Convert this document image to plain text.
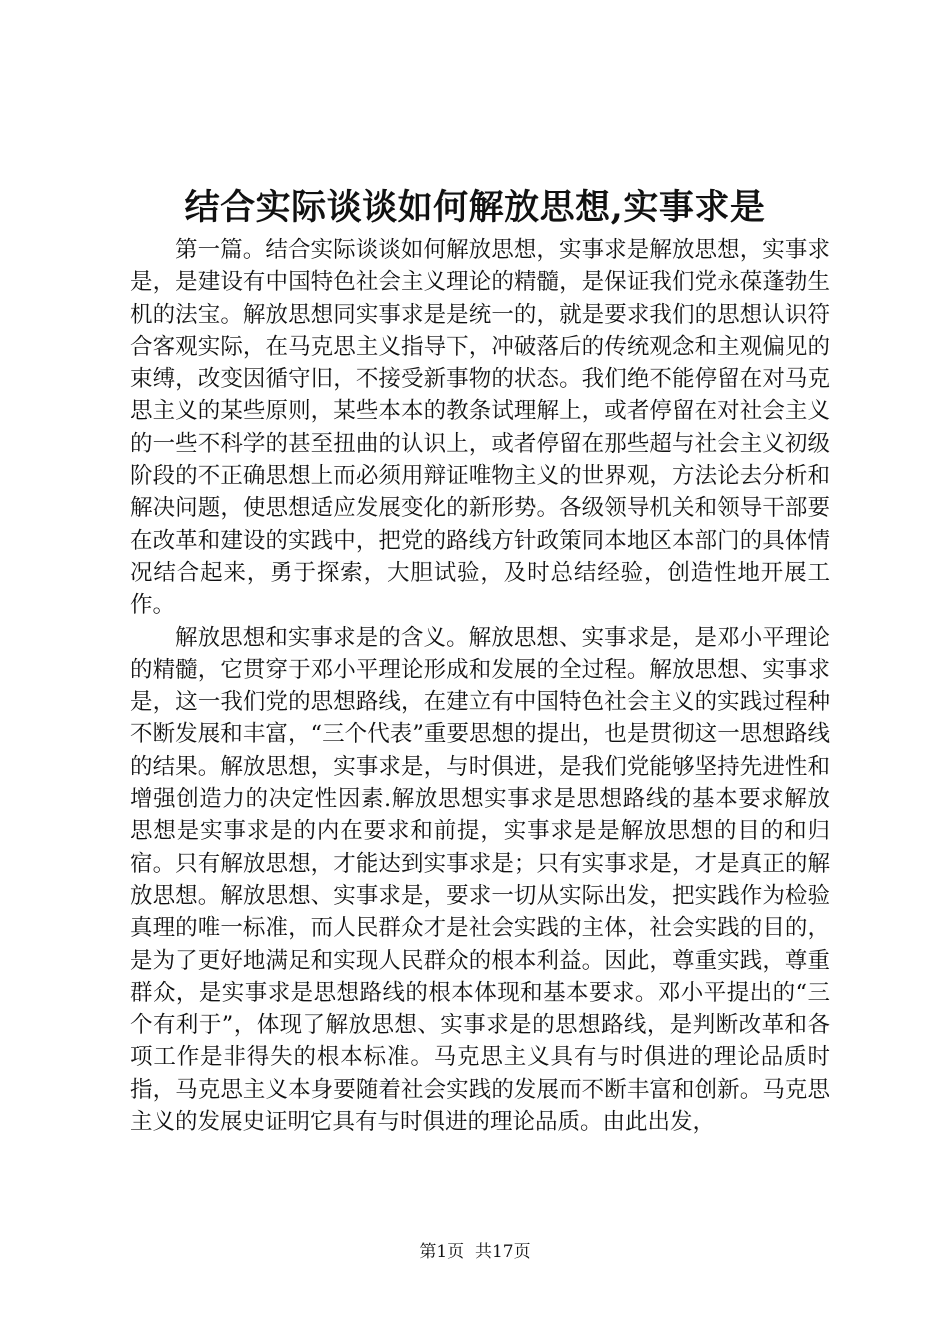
结合实际谈谈如何解放思想,实事求是

第一篇。结合实际谈谈如何解放思想，实事求是解放思想，实事求是，是建设有中国特色社会主义理论的精髓，是保证我们党永葆蓬勃生机的法宝。解放思想同实事求是是统一的，就是要求我们的思想认识符合客观实际，在马克思主义指导下，冲破落后的传统观念和主观偏见的束缚，改变因循守旧，不接受新事物的状态。我们绝不能停留在对马克思主义的某些原则，某些本本的教条试理解上，或者停留在对社会主义的一些不科学的甚至扭曲的认识上，或者停留在那些超与社会主义初级阶段的不正确思想上而必须用辩证唯物主义的世界观，方法论去分析和解决问题，使思想适应发展变化的新形势。各级领导机关和领导干部要在改革和建设的实践中，把党的路线方针政策同本地区本部门的具体情况结合起来，勇于探索，大胆试验，及时总结经验，创造性地开展工作。

解放思想和实事求是的含义。解放思想、实事求是，是邓小平理论的精髓，它贯穿于邓小平理论形成和发展的全过程。解放思想、实事求是，这一我们党的思想路线，在建立有中国特色社会主义的实践过程种不断发展和丰富，“三个代表”重要思想的提出，也是贯彻这一思想路线的结果。解放思想，实事求是，与时俱进，是我们党能够坚持先进性和增强创造力的决定性因素.解放思想实事求是思想路线的基本要求解放思想是实事求是的内在要求和前提，实事求是是解放思想的目的和归宿。只有解放思想，才能达到实事求是；只有实事求是，才是真正的解放思想。解放思想、实事求是，要求一切从实际出发，把实践作为检验真理的唯一标准，而人民群众才是社会实践的主体，社会实践的目的，是为了更好地满足和实现人民群众的根本利益。因此，尊重实践，尊重群众，是实事求是思想路线的根本体现和基本要求。邓小平提出的“三个有利于”，体现了解放思想、实事求是的思想路线，是判断改革和各项工作是非得失的根本标准。马克思主义具有与时俱进的理论品质时指，马克思主义本身要随着社会实践的发展而不断丰富和创新。马克思主义的发展史证明它具有与时俱进的理论品质。由此出发，

第1页  共17页
